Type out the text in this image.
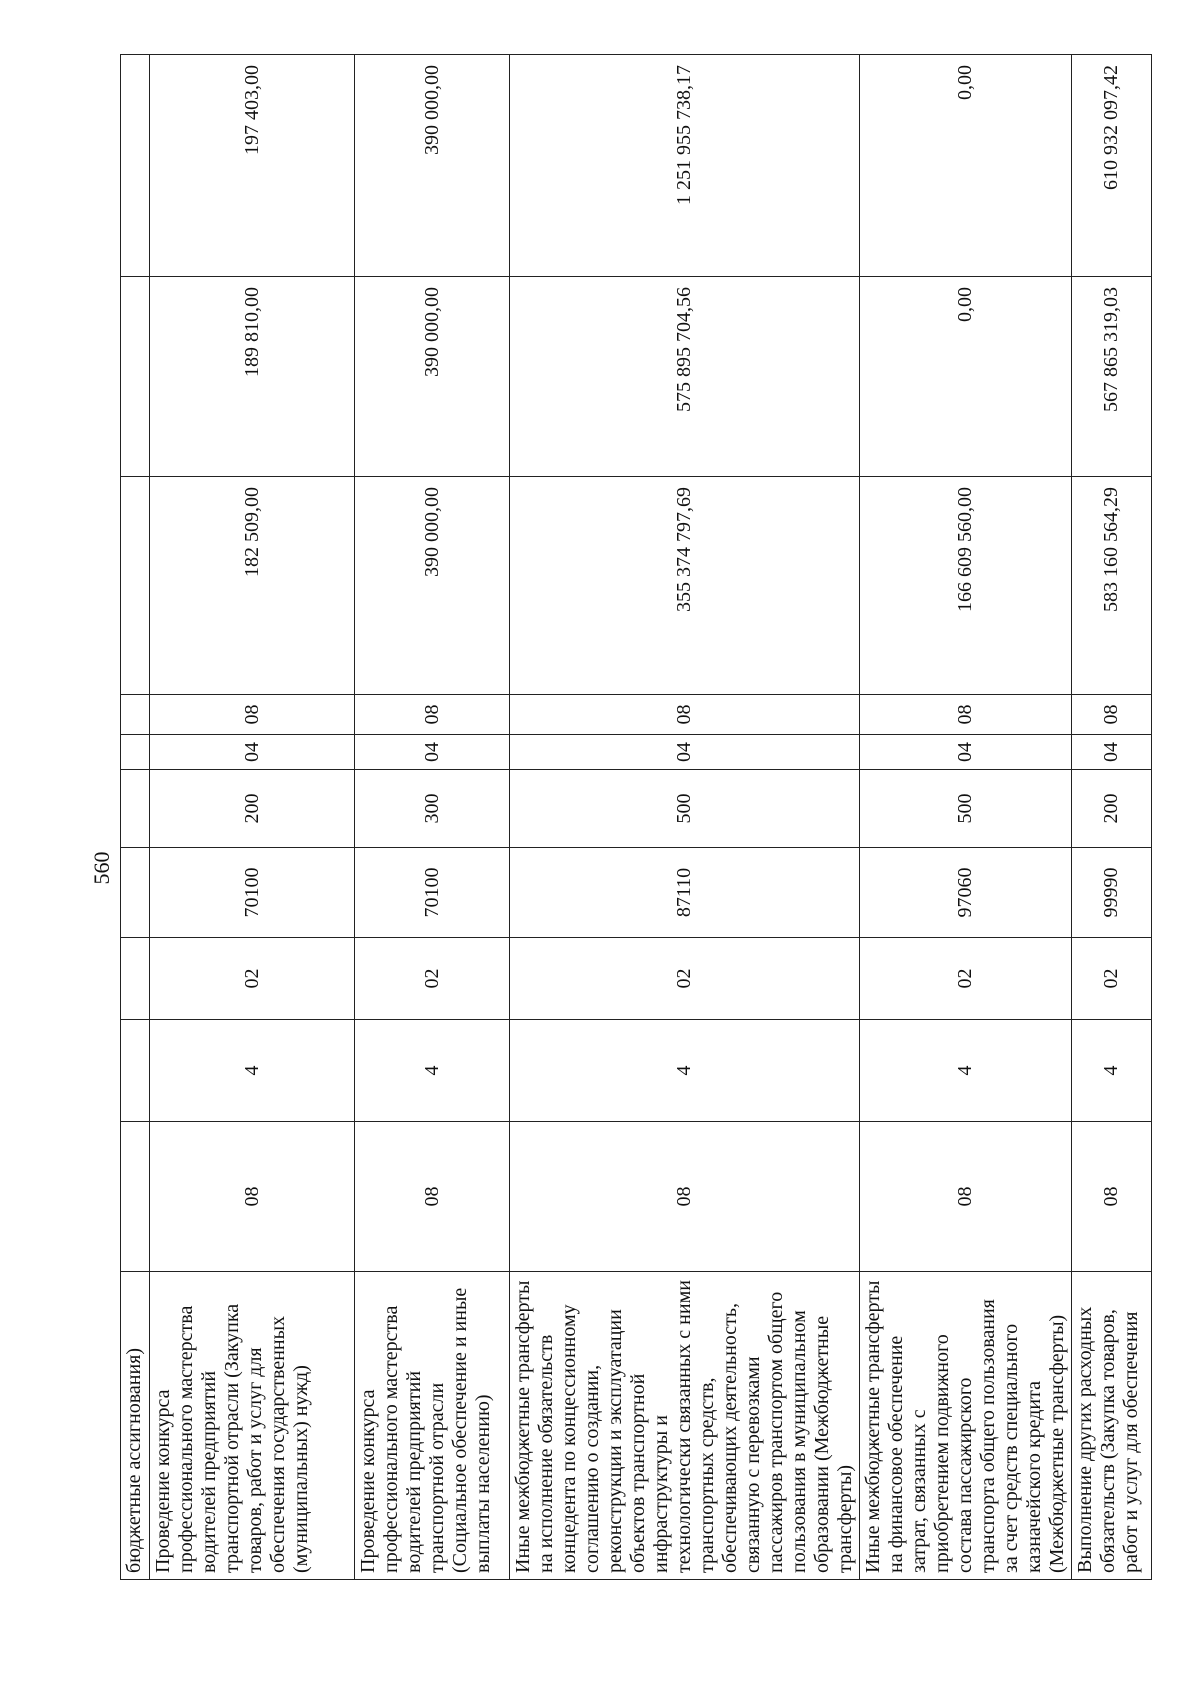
560
бюджетные ассигнования)										
Проведение конкурса профессионального мастерства водителей предприятий транспортной отрасли (Закупка товаров, работ и услуг для обеспечения государственных (муниципальных) нужд)	08	4	02	70100	200	04	08	182 509,00	189 810,00	197 403,00
Проведение конкурса профессионального мастерства водителей предприятий транспортной отрасли (Социальное обеспечение и иные выплаты населению)	08	4	02	70100	300	04	08	390 000,00	390 000,00	390 000,00
Иные межбюджетные трансферты на исполнение обязательств концедента по концессионному соглашению о создании, реконструкции и эксплуатации объектов транспортной инфраструктуры и технологически связанных с ними транспортных средств, обеспечивающих деятельность, связанную с перевозками пассажиров транспортом общего пользования в муниципальном образовании (Межбюджетные трансферты)	08	4	02	87110	500	04	08	355 374 797,69	575 895 704,56	1 251 955 738,17
Иные межбюджетные трансферты на финансовое обеспечение затрат, связанных с приобретением подвижного состава пассажирского транспорта общего пользования за счет средств специального казначейского кредита (Межбюджетные трансферты)	08	4	02	97060	500	04	08	166 609 560,00	0,00	0,00
Выполнение других расходных обязательств (Закупка товаров, работ и услуг для обеспечения	08	4	02	99990	200	04	08	583 160 564,29	567 865 319,03	610 932 097,42
